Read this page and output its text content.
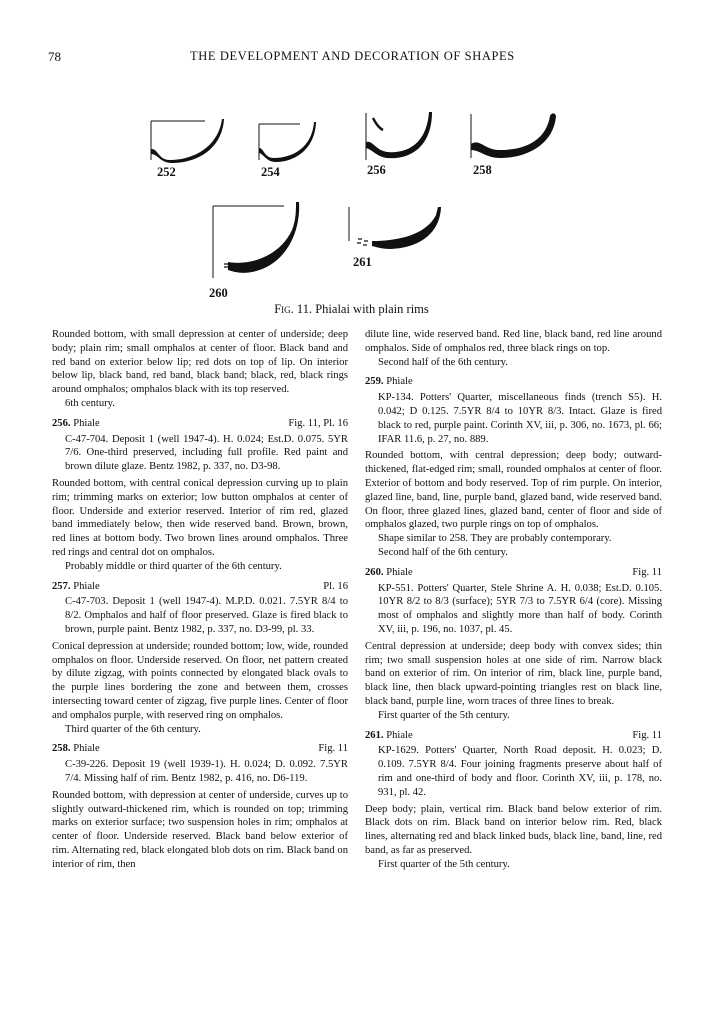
78	THE DEVELOPMENT AND DECORATION OF SHAPES
252	254	256	258
260
261
Fig. 11. Phialai with plain rims

Rounded bottom, with small depression at center of underside; deep body; plain rim; small omphalos at center of floor. Black band and red band on exterior below lip; red dots on top of lip. On interior below lip, black band, red band, black band; black, red, black rings around omphalos; omphalos black with its top reserved.

6th century.

256. Phiale	Fig. 11, Pl. 16

C-47-704. Deposit 1 (well 1947-4). H. 0.024; Est.D. 0.075. 5YR 7/6. One-third preserved, including full profile. Red paint and brown dilute glaze. Bentz 1982, p. 337, no. D3-98.

Rounded bottom, with central conical depression curving up to plain rim; trimming marks on exterior; low button omphalos at center of floor. Underside and exterior reserved. Interior of rim red, glazed band immediately below, then wide reserved band. Brown, brown, red lines at bottom body. Two brown lines around omphalos. Three red rings and central dot on omphalos.

Probably middle or third quarter of the 6th century.

257. Phiale	Pl. 16

C-47-703. Deposit 1 (well 1947-4). M.P.D. 0.021. 7.5YR 8/4 to 8/2. Omphalos and half of floor preserved. Glaze is fired black to brown, purple paint. Bentz 1982, p. 337, no. D3-99, pl. 33.

Conical depression at underside; rounded bottom; low, wide, rounded omphalos on floor. Underside reserved. On floor, net pattern created by dilute zigzag, with points connected by elongated black ovals to the purple lines bordering the zone and between them, crosses intersecting toward center of zigzag, five purple lines. Center of floor and omphalos purple, with reserved ring on omphalos.

Third quarter of the 6th century.

258. Phiale	Fig. 11

C-39-226. Deposit 19 (well 1939-1). H. 0.024; D. 0.092. 7.5YR 7/4. Missing half of rim. Bentz 1982, p. 416, no. D6-119.

Rounded bottom, with depression at center of underside, curves up to slightly outward-thickened rim, which is rounded on top; trimming marks on exterior surface; two suspension holes in rim; omphalos at center of floor. Underside reserved. Black band below exterior of rim. Alternating red, black elongated blob dots on rim. Black band on interior of rim, then

dilute line, wide reserved band. Red line, black band, red line around omphalos. Side of omphalos red, three black rings on top.

Second half of the 6th century.

259. Phiale

KP-134. Potters' Quarter, miscellaneous finds (trench S5). H. 0.042; D 0.125. 7.5YR 8/4 to 10YR 8/3. Intact. Glaze is fired black to red, purple paint. Corinth XV, iii, p. 306, no. 1673, pl. 66; IFAR 11.6, p. 27, no. 889.

Rounded bottom, with central depression; deep body; outward-thickened, flat-edged rim; small, rounded omphalos at center of floor. Exterior of bottom and body reserved. Top of rim purple. On interior, glazed line, band, line, purple band, glazed band, wide reserved band. On floor, three glazed lines, glazed band, center of floor and side of omphalos glazed, two purple rings on top of omphalos.

Shape similar to 258. They are probably contemporary.

Second half of the 6th century.

260. Phiale	Fig. 11

KP-551. Potters' Quarter, Stele Shrine A. H. 0.038; Est.D. 0.105. 10YR 8/2 to 8/3 (surface); 5YR 7/3 to 7.5YR 6/4 (core). Missing most of omphalos and slightly more than half of body. Corinth XV, iii, p. 196, no. 1037, pl. 45.

Central depression at underside; deep body with convex sides; thin rim; two small suspension holes at one side of rim. Narrow black band on exterior of rim. On interior of rim, black line, purple band, black line, then black upward-pointing triangles rest on black line, black band, purple line, worn traces of three lines to break.

First quarter of the 5th century.

261. Phiale	Fig. 11

KP-1629. Potters' Quarter, North Road deposit. H. 0.023; D. 0.109. 7.5YR 8/4. Four joining fragments preserve about half of rim and one-third of body and floor. Corinth XV, iii, p. 178, no. 931, pl. 42.

Deep body; plain, vertical rim. Black band below exterior of rim. Black dots on rim. Black band on interior below rim. Red, black lines, alternating red and black linked buds, black line, band, line, red band, as far as preserved.

First quarter of the 5th century.
